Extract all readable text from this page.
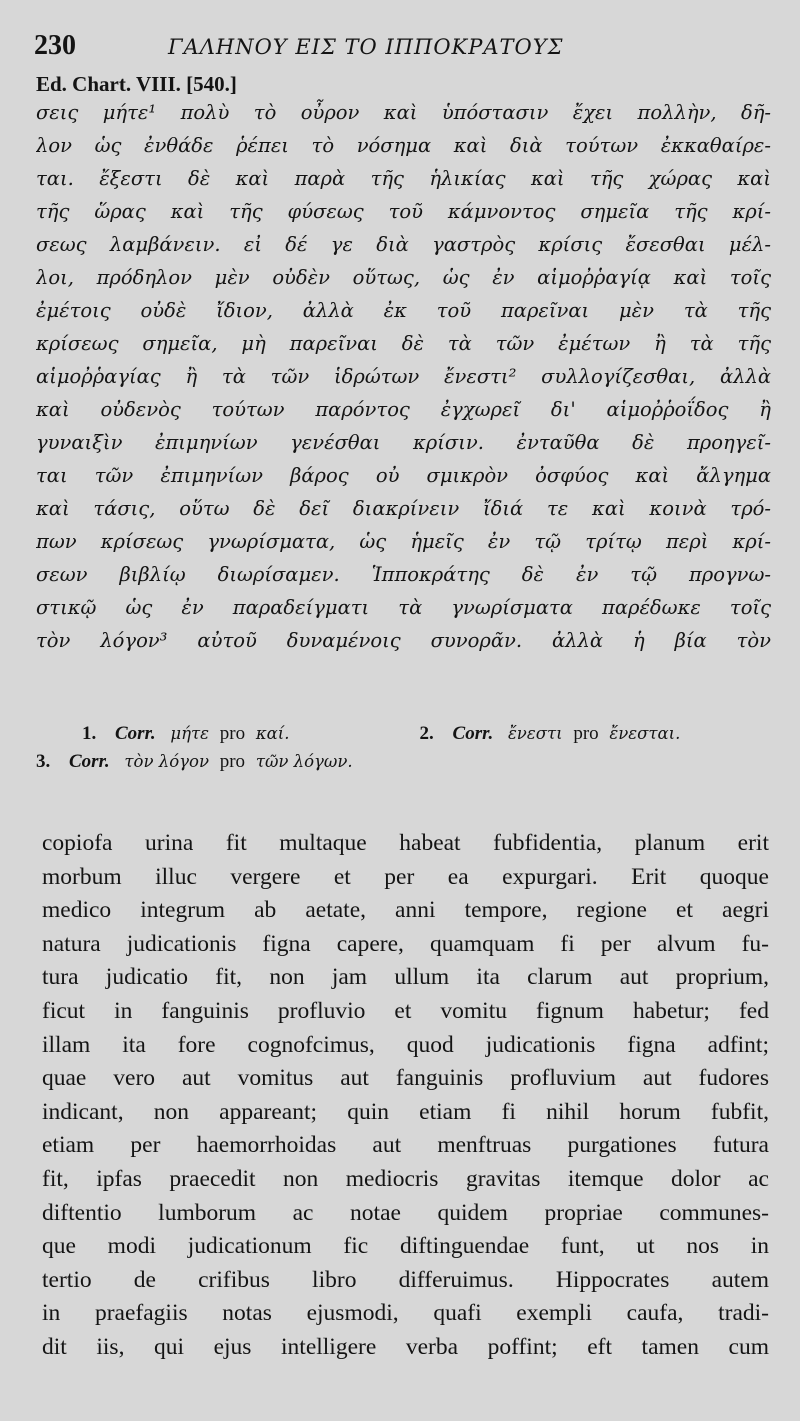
230	ΓΑΛΗΝΟΥ ΕΙΣ ΤΟ ΙΠΠΟΚΡΑΤΟΥΣ
Ed. Chart. VIII. [540.]
σεις μήτε¹ πολὺ τὸ οὖρον καὶ ὑπόστασιν ἔχει πολλὴν, δῆ-
λον ὡς ἐνθάδε ῥέπει τὸ νόσημα καὶ διὰ τούτων ἐκκαθαίρε-
ται. ἔξεστι δὲ καὶ παρὰ τῆς ἡλικίας καὶ τῆς χώρας καὶ
τῆς ὥρας καὶ τῆς φύσεως τοῦ κάμνοντος σημεῖα τῆς κρί-
σεως λαμβάνειν. εἰ δέ γε διὰ γαστρὸς κρίσις ἔσεσθαι μέλ-
λοι, πρόδηλον μὲν οὐδὲν οὕτως, ὡς ἐν αἱμοῤῥαγίᾳ καὶ τοῖς
ἐμέτοις οὐδὲ ἴδιον, ἀλλὰ ἐκ τοῦ παρεῖναι μὲν τὰ τῆς
κρίσεως σημεῖα, μὴ παρεῖναι δὲ τὰ τῶν ἐμέτων ἢ τὰ τῆς
αἱμοῤῥαγίας ἢ τὰ τῶν ἱδρώτων ἔνεστι² συλλογίζεσθαι, ἀλλὰ
καὶ οὐδενὸς τούτων παρόντος ἐγχωρεῖ δι' αἱμοῤῥοΐδος ἢ
γυναιξὶν ἐπιμηνίων γενέσθαι κρίσιν. ἐνταῦθα δὲ προηγεῖ-
ται τῶν ἐπιμηνίων βάρος οὐ σμικρὸν ὀσφύος καὶ ἄλγημα
καὶ τάσις, οὕτω δὲ δεῖ διακρίνειν ἴδιά τε καὶ κοινὰ τρό-
πων κρίσεως γνωρίσματα, ὡς ἡμεῖς ἐν τῷ τρίτῳ περὶ κρί-
σεων βιβλίῳ διωρίσαμεν. Ἱπποκράτης δὲ ἐν τῷ προγνω-
στικῷ ὡς ἐν παραδείγματι τὰ γνωρίσματα παρέδωκε τοῖς
τὸν λόγον³ αὐτοῦ δυναμένοις συνορᾶν. ἀλλὰ ἡ βία τὸν
1. Corr. μήτε pro καί.	2. Corr. ἔνεστι pro ἔνεσται.
3. Corr. τὸν λόγον pro τῶν λόγων.
copiofa urina fit multaque habeat fubfidentia, planum erit
morbum illuc vergere et per ea expurgari. Erit quoque
medico integrum ab aetate, anni tempore, regione et aegri
natura judicationis figna capere, quamquam fi per alvum fu-
tura judicatio fit, non jam ullum ita clarum aut proprium,
ficut in fanguinis profluvio et vomitu fignum habetur; fed
illam ita fore cognofcimus, quod judicationis figna adfint;
quae vero aut vomitus aut fanguinis profluvium aut fudores
indicant, non appareant; quin etiam fi nihil horum fubfit,
etiam per haemorrhoidas aut menftruas purgationes futura
fit, ipfas praecedit non mediocris gravitas itemque dolor ac
diftentio lumborum ac notae quidem propriae communes-
que modi judicationum fic diftinguendae funt, ut nos in
tertio de crifibus libro differuimus. Hippocrates autem
in praefagiis notas ejusmodi, quafi exempli caufa, tradi-
dit iis, qui ejus intelligere verba poffint; eft tamen cum
